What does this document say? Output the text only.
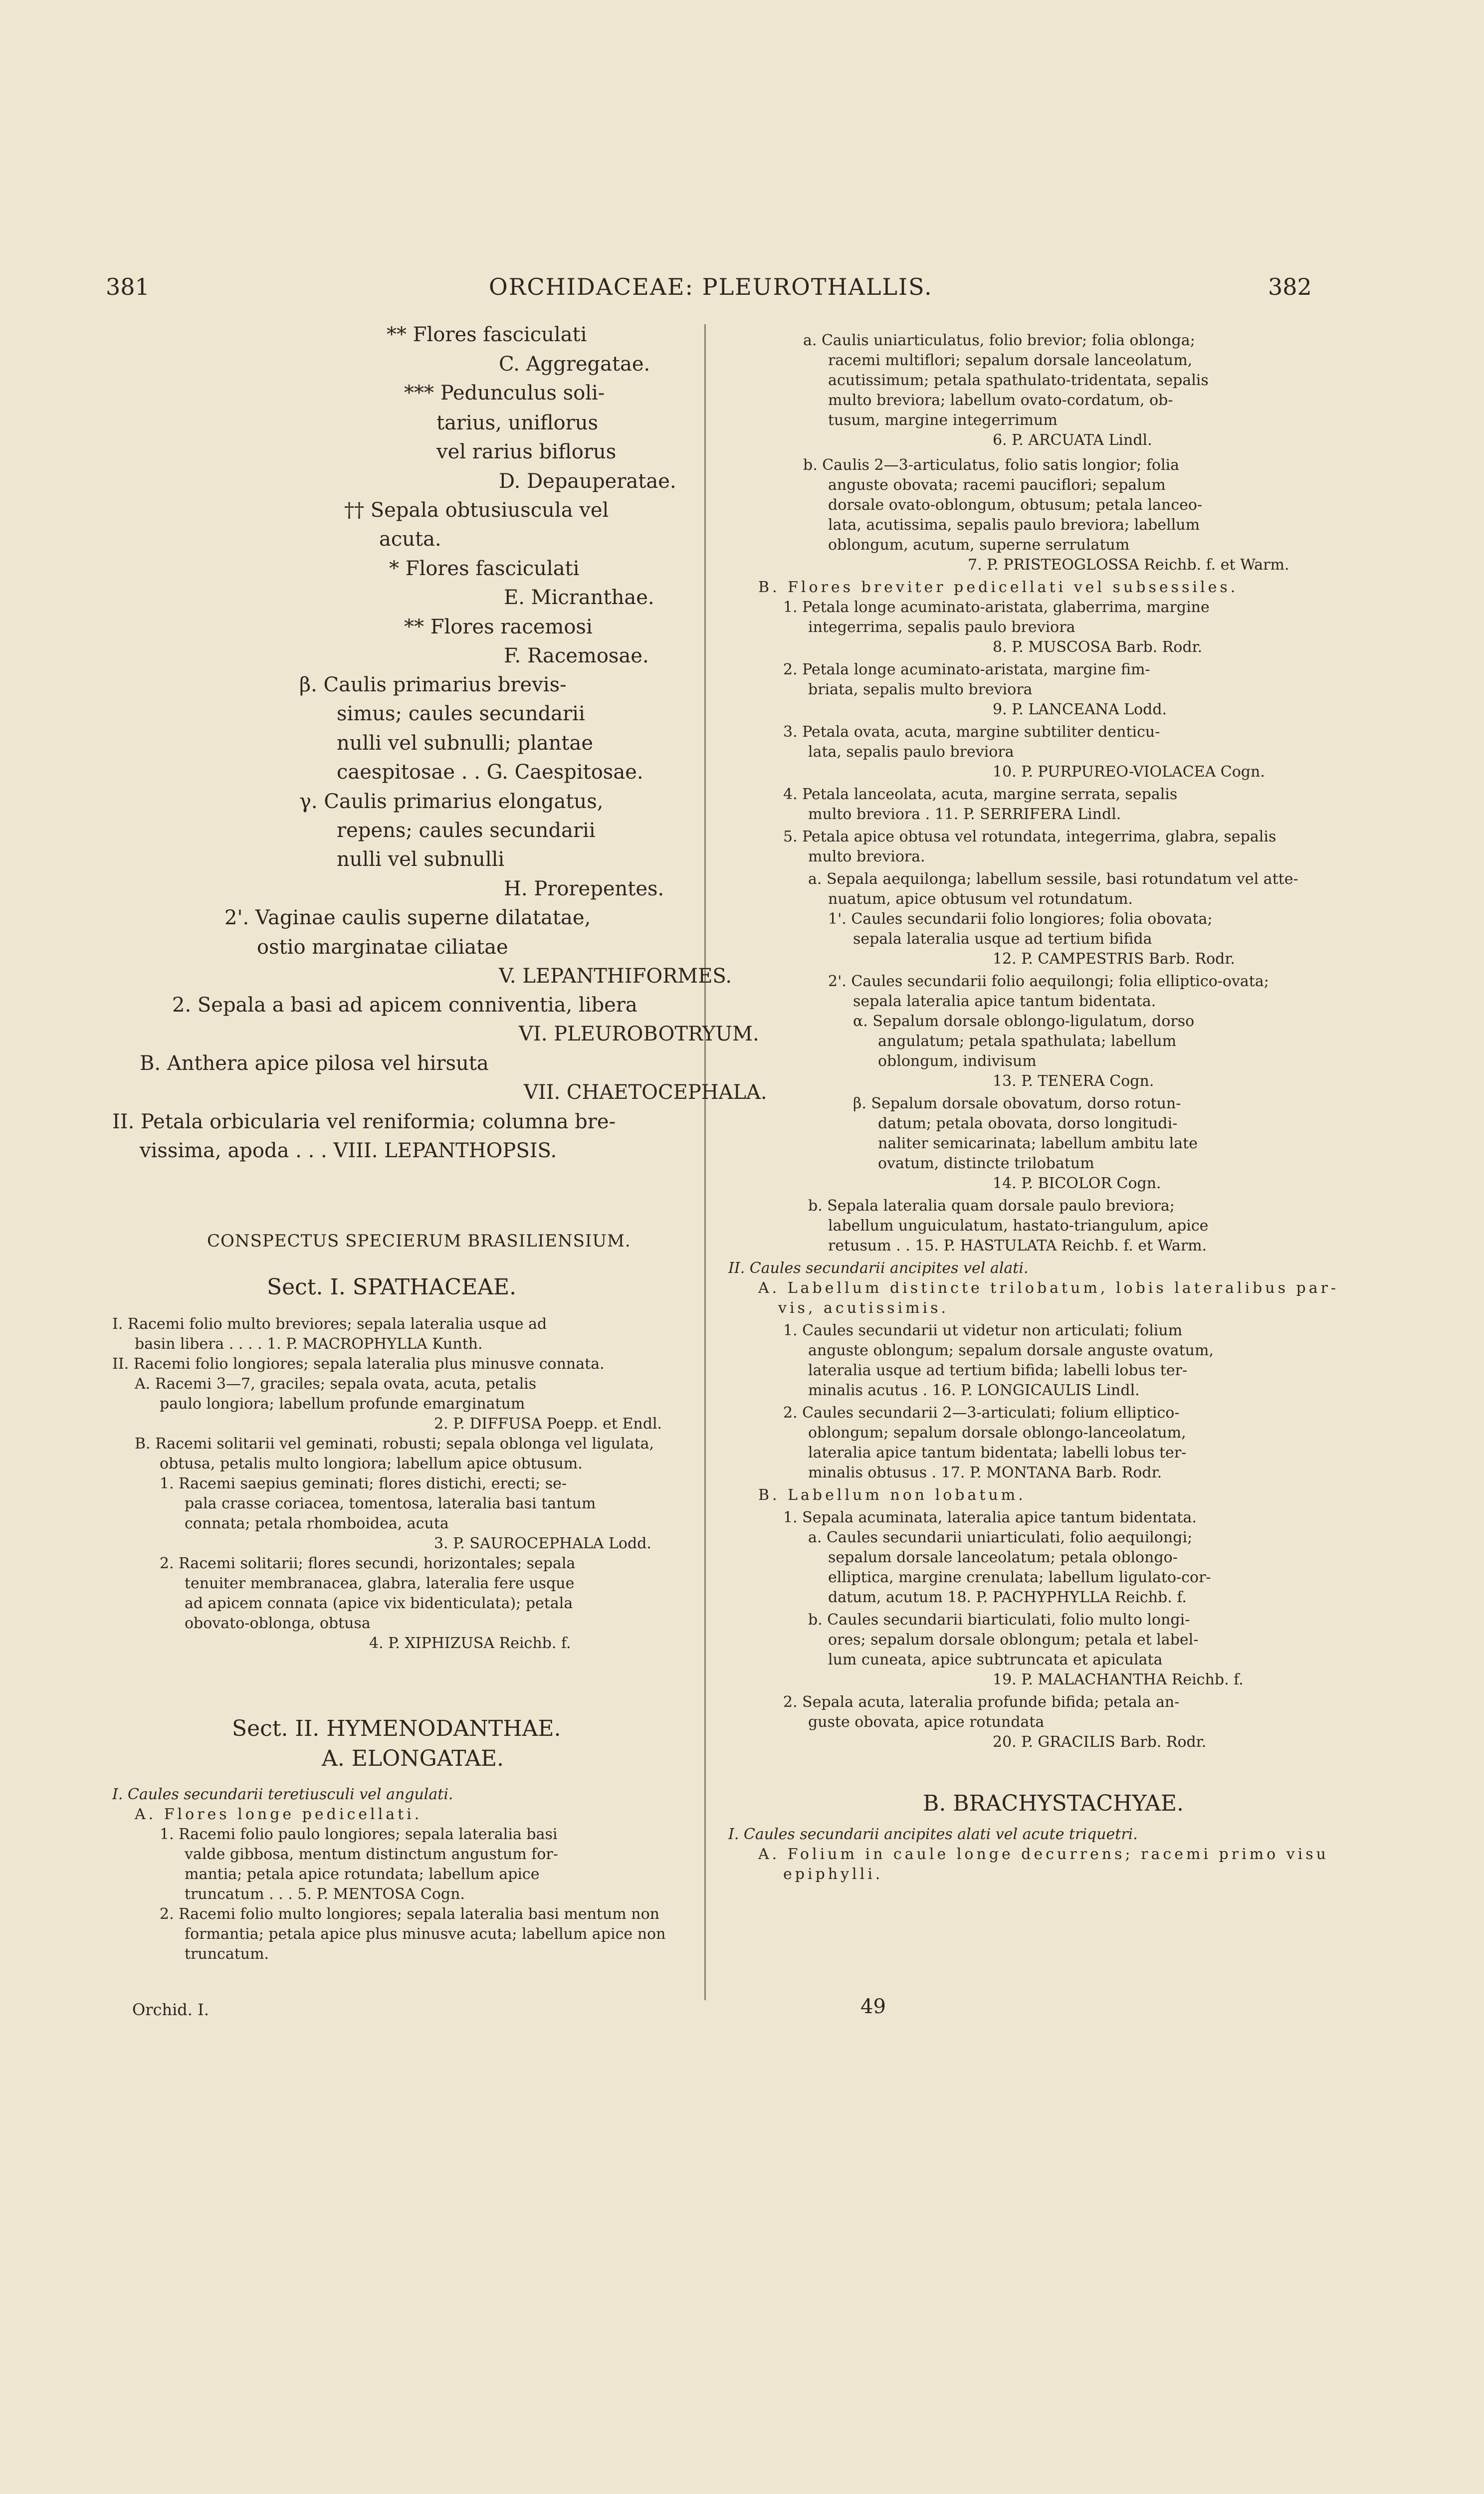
381	ORCHIDACEAE: PLEUROTHALLIS.	382
** Flores fasciculati
C. Aggregatae.
*** Pedunculus soli-
tarius, uniflorus
vel rarius biflorus
D. Depauperatae.
†† Sepala obtusiuscula vel
acuta.
* Flores fasciculati
E. Micranthae.
** Flores racemosi
F. Racemosae.
β. Caulis primarius brevis-
simus; caules secundarii
nulli vel subnulli; plantae
caespitosae . . G. Caespitosae.
γ. Caulis primarius elongatus,
repens; caules secundarii
nulli vel subnulli
H. Prorepentes.
2'. Vaginae caulis superne dilatatae,
ostio marginatae ciliatae
V. LEPANTHIFORMES.
2. Sepala a basi ad apicem conniventia, libera
VI. PLEUROBOTRYUM.
B. Anthera apice pilosa vel hirsuta
VII. CHAETOCEPHALA.
II. Petala orbicularia vel reniformia; columna bre-
vissima, apoda . . . VIII. LEPANTHOPSIS.
CONSPECTUS SPECIERUM BRASILIENSIUM.
Sect. I. SPATHACEAE.
I. Racemi folio multo breviores; sepala lateralia usque ad
basin libera . . . . 1. P. MACROPHYLLA Kunth.
II. Racemi folio longiores; sepala lateralia plus minusve connata.
A. Racemi 3—7, graciles; sepala ovata, acuta, petalis
paulo longiora; labellum profunde emarginatum
2. P. DIFFUSA Poepp. et Endl.
B. Racemi solitarii vel geminati, robusti; sepala oblonga vel ligulata,
obtusa, petalis multo longiora; labellum apice obtusum.
1. Racemi saepius geminati; flores distichi, erecti; se-
pala crasse coriacea, tomentosa, lateralia basi tantum
connata; petala rhomboidea, acuta
3. P. SAUROCEPHALA Lodd.
2. Racemi solitarii; flores secundi, horizontales; sepala
tenuiter membranacea, glabra, lateralia fere usque
ad apicem connata (apice vix bidenticulata); petala
obovato-oblonga, obtusa
4. P. XIPHIZUSA Reichb. f.
Sect. II. HYMENODANTHAE.
A. ELONGATAE.
I. Caules secundarii teretiusculi vel angulati.
A. Flores longe pedicellati.
1. Racemi folio paulo longiores; sepala lateralia basi
valde gibbosa, mentum distinctum angustum for-
mantia; petala apice rotundata; labellum apice
truncatum . . . 5. P. MENTOSA Cogn.
2. Racemi folio multo longiores; sepala lateralia basi mentum non
formantia; petala apice plus minusve acuta; labellum apice non
truncatum.
a. Caulis uniarticulatus, folio brevior; folia oblonga;
racemi multiflori; sepalum dorsale lanceolatum,
acutissimum; petala spathulato-tridentata, sepalis
multo breviora; labellum ovato-cordatum, ob-
tusum, margine integerrimum
6. P. ARCUATA Lindl.
b. Caulis 2—3-articulatus, folio satis longior; folia
anguste obovata; racemi pauciflori; sepalum
dorsale ovato-oblongum, obtusum; petala lanceo-
lata, acutissima, sepalis paulo breviora; labellum
oblongum, acutum, superne serrulatum
7. P. PRISTEOGLOSSA Reichb. f. et Warm.
B. Flores breviter pedicellati vel subsessiles.
1. Petala longe acuminato-aristata, glaberrima, margine
integerrima, sepalis paulo breviora
8. P. MUSCOSA Barb. Rodr.
2. Petala longe acuminato-aristata, margine fim-
briata, sepalis multo breviora
9. P. LANCEANA Lodd.
3. Petala ovata, acuta, margine subtiliter denticu-
lata, sepalis paulo breviora
10. P. PURPUREO-VIOLACEA Cogn.
4. Petala lanceolata, acuta, margine serrata, sepalis
multo breviora . 11. P. SERRIFERA Lindl.
5. Petala apice obtusa vel rotundata, integerrima, glabra, sepalis
multo breviora.
a. Sepala aequilonga; labellum sessile, basi rotundatum vel atte-
nuatum, apice obtusum vel rotundatum.
1'. Caules secundarii folio longiores; folia obovata;
sepala lateralia usque ad tertium bifida
12. P. CAMPESTRIS Barb. Rodr.
2'. Caules secundarii folio aequilongi; folia elliptico-ovata;
sepala lateralia apice tantum bidentata.
α. Sepalum dorsale oblongo-ligulatum, dorso
angulatum; petala spathulata; labellum
oblongum, indivisum
13. P. TENERA Cogn.
β. Sepalum dorsale obovatum, dorso rotun-
datum; petala obovata, dorso longitudi-
naliter semicarinata; labellum ambitu late
ovatum, distincte trilobatum
14. P. BICOLOR Cogn.
b. Sepala lateralia quam dorsale paulo breviora;
labellum unguiculatum, hastato-triangulum, apice
retusum . . 15. P. HASTULATA Reichb. f. et Warm.
II. Caules secundarii ancipites vel alati.
A. Labellum distincte trilobatum, lobis lateralibus par-
vis, acutissimis.
1. Caules secundarii ut videtur non articulati; folium
anguste oblongum; sepalum dorsale anguste ovatum,
lateralia usque ad tertium bifida; labelli lobus ter-
minalis acutus . 16. P. LONGICAULIS Lindl.
2. Caules secundarii 2—3-articulati; folium elliptico-
oblongum; sepalum dorsale oblongo-lanceolatum,
lateralia apice tantum bidentata; labelli lobus ter-
minalis obtusus . 17. P. MONTANA Barb. Rodr.
B. Labellum non lobatum.
1. Sepala acuminata, lateralia apice tantum bidentata.
a. Caules secundarii uniarticulati, folio aequilongi;
sepalum dorsale lanceolatum; petala oblongo-
elliptica, margine crenulata; labellum ligulato-cor-
datum, acutum 18. P. PACHYPHYLLA Reichb. f.
b. Caules secundarii biarticulati, folio multo longi-
ores; sepalum dorsale oblongum; petala et label-
lum cuneata, apice subtruncata et apiculata
19. P. MALACHANTHA Reichb. f.
2. Sepala acuta, lateralia profunde bifida; petala an-
guste obovata, apice rotundata
20. P. GRACILIS Barb. Rodr.
B. BRACHYSTACHYAE.
I. Caules secundarii ancipites alati vel acute triquetri.
A. Folium in caule longe decurrens; racemi primo visu
epiphylli.
Orchid. I.	49
